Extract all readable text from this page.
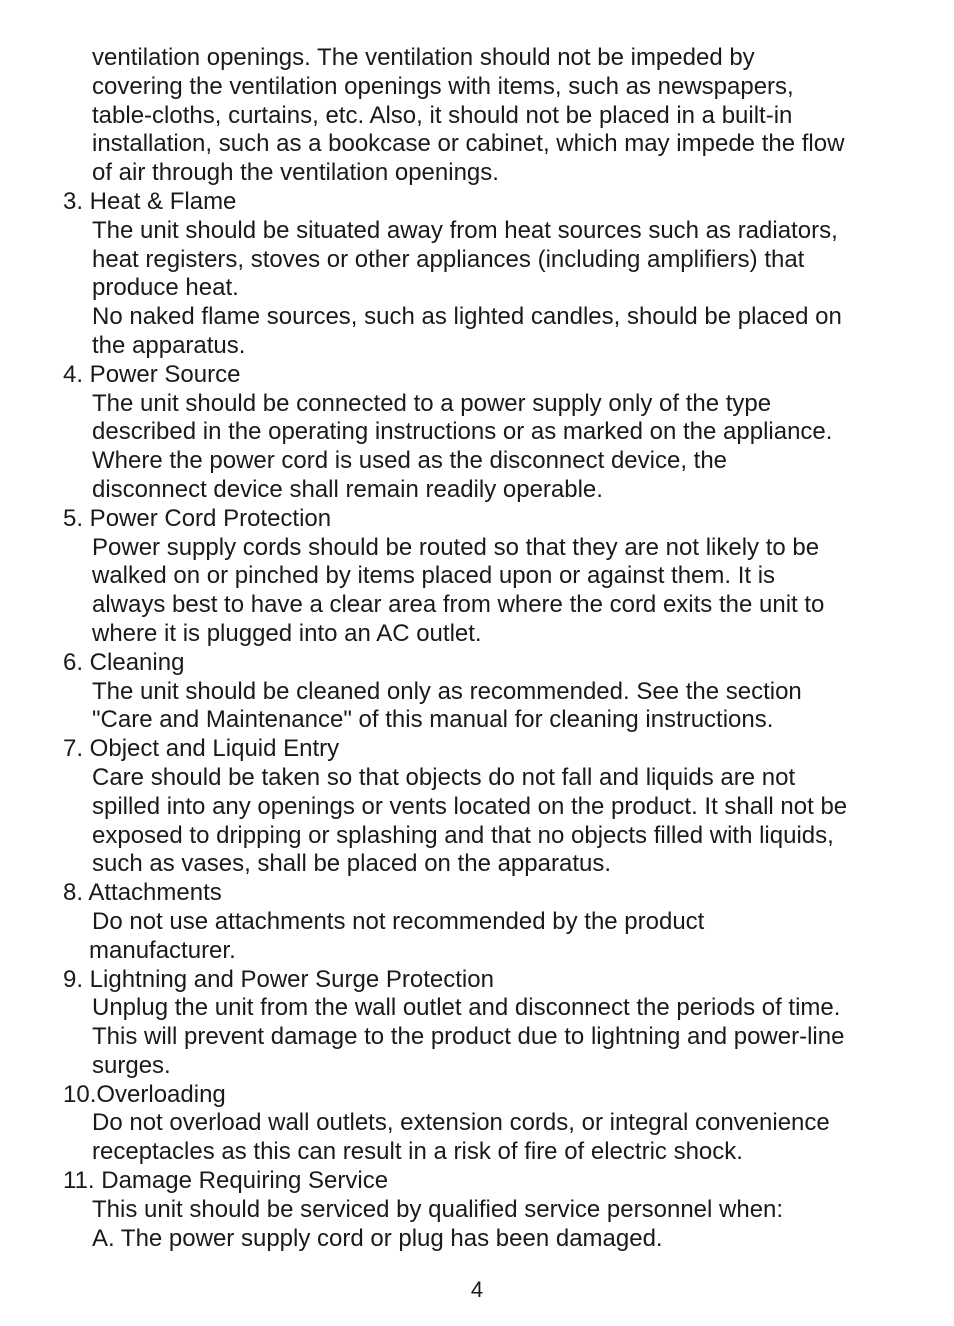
ventilation openings. The ventilation should not be impeded by
covering the ventilation openings with items, such as newspapers,
table-cloths, curtains, etc. Also, it should not be placed in a built-in
installation, such as a bookcase or cabinet, which may impede the flow
of air through the ventilation openings.
3. Heat & Flame
The unit should be situated away from heat sources such as radiators,
heat registers, stoves or other appliances (including amplifiers) that
produce heat.
No naked flame sources, such as lighted candles, should be placed on
the apparatus.
4. Power Source
The unit should be connected to a power supply only of the type
described in the operating instructions or as marked on the appliance.
Where the power cord is used as the disconnect device, the
disconnect device shall remain readily operable.
5. Power Cord Protection
Power supply cords should be routed so that they are not likely to be
walked on or pinched by items placed upon or against them. It is
always best to have a clear area from where the cord exits the unit to
where it is plugged into an AC outlet.
6. Cleaning
The unit should be cleaned only as recommended. See the section
"Care and Maintenance" of this manual for cleaning instructions.
7. Object and Liquid Entry
Care should be taken so that objects do not fall and liquids are not
spilled into any openings or vents located on the product. It shall not be
exposed to dripping or splashing and that no objects filled with liquids,
such as vases, shall be placed on the apparatus.
8. Attachments
Do not use attachments not recommended by the product
manufacturer.
9. Lightning and Power Surge Protection
Unplug the unit from the wall outlet and disconnect the periods of time.
This will prevent damage to the product due to lightning and power-line
surges.
10.Overloading
Do not overload wall outlets, extension cords, or integral convenience
receptacles as this can result in a risk of fire of electric shock.
11. Damage Requiring Service
This unit should be serviced by qualified service personnel when:
A. The power supply cord or plug has been damaged.
4
